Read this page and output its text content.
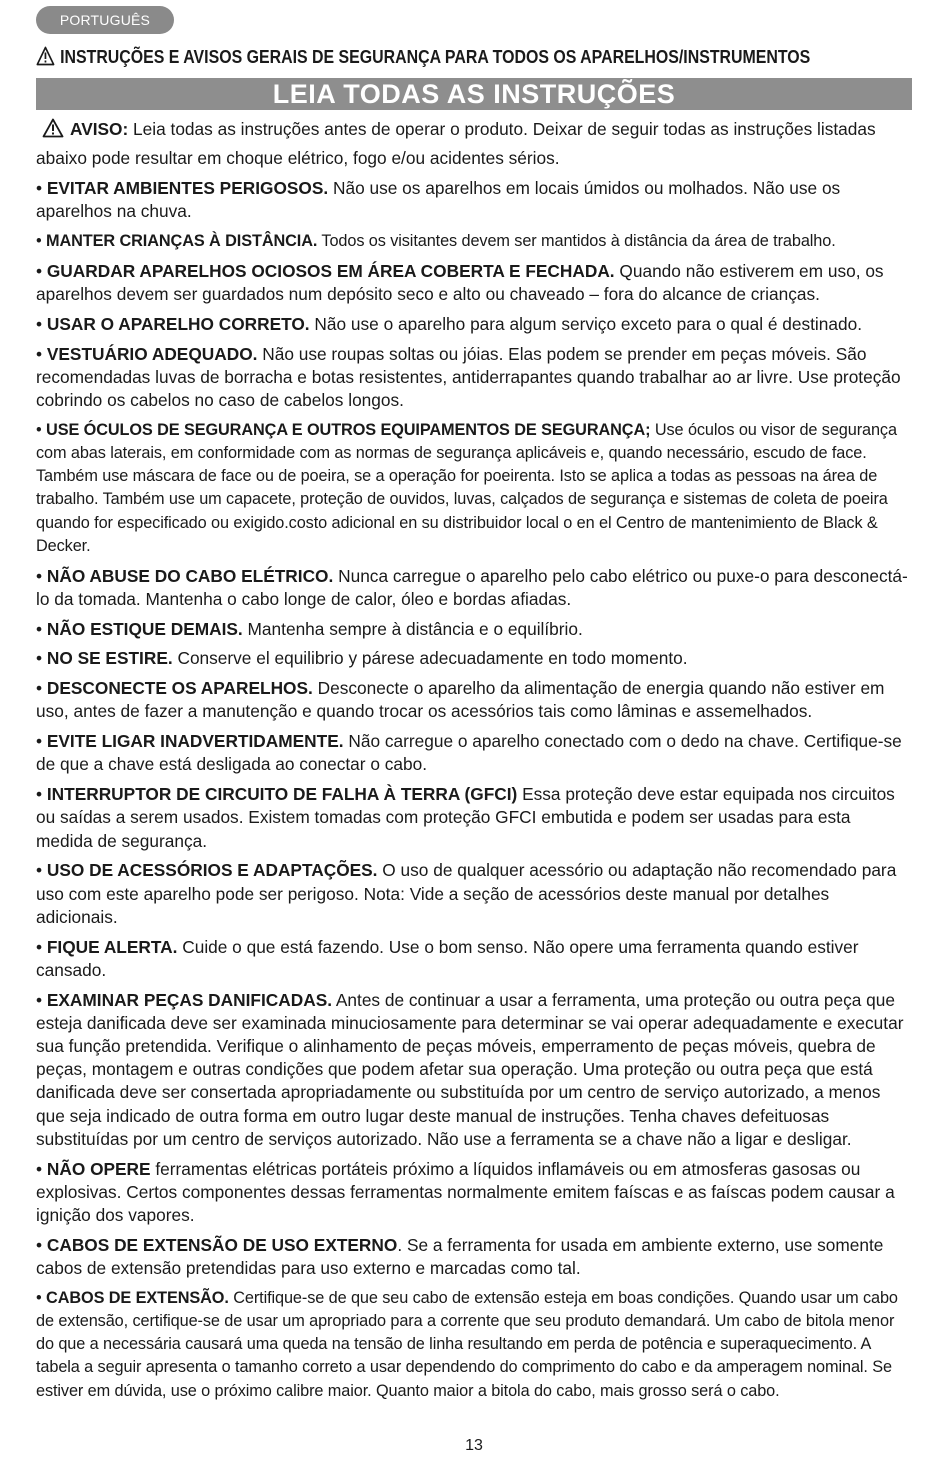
PORTUGUÊS
INSTRUÇÕES E AVISOS GERAIS DE SEGURANÇA PARA TODOS OS APARELHOS/INSTRUMENTOS
LEIA TODAS AS INSTRUÇÕES

AVISO: Leia todas as instruções antes de operar o produto. Deixar de seguir todas as instruções listadas abaixo pode resultar em choque elétrico, fogo e/ou acidentes sérios.

• EVITAR AMBIENTES PERIGOSOS. Não use os aparelhos em locais úmidos ou molhados. Não use os aparelhos na chuva.

• MANTER CRIANÇAS À DISTÂNCIA. Todos os visitantes devem ser mantidos à distância da área de trabalho.

• GUARDAR APARELHOS OCIOSOS EM ÁREA COBERTA E FECHADA. Quando não estiverem em uso, os aparelhos devem ser guardados num depósito seco e alto ou chaveado – fora do alcance de crianças.

• USAR O APARELHO CORRETO. Não use o aparelho para algum serviço exceto para o qual é destinado.

• VESTUÁRIO ADEQUADO. Não use roupas soltas ou jóias. Elas podem se prender em peças móveis. São recomendadas luvas de borracha e botas resistentes, antiderrapantes quando trabalhar ao ar livre. Use proteção cobrindo os cabelos no caso de cabelos longos.

• USE ÓCULOS DE SEGURANÇA E OUTROS EQUIPAMENTOS DE SEGURANÇA; Use óculos ou visor de segurança com abas laterais, em conformidade com as normas de segurança aplicáveis e, quando necessário, escudo de face. Também use máscara de face ou de poeira, se a operação for poeirenta. Isto se aplica a todas as pessoas na área de trabalho. Também use um capacete, proteção de ouvidos, luvas, calçados de segurança e sistemas de coleta de poeira quando for especificado ou exigido.costo adicional en su distribuidor local o en el Centro de mantenimiento de Black & Decker.

• NÃO ABUSE DO CABO ELÉTRICO. Nunca carregue o aparelho pelo cabo elétrico ou puxe-o para desconectá-lo da tomada. Mantenha o cabo longe de calor, óleo e bordas afiadas.

• NÃO ESTIQUE DEMAIS. Mantenha sempre à distância e o equilíbrio.

• NO SE ESTIRE. Conserve el equilibrio y párese adecuadamente en todo momento.

• DESCONECTE OS APARELHOS. Desconecte o aparelho da alimentação de energia quando não estiver em uso, antes de fazer a manutenção e quando trocar os acessórios tais como lâminas e assemelhados.

• EVITE LIGAR INADVERTIDAMENTE. Não carregue o aparelho conectado com o dedo na chave. Certifique-se de que a chave está desligada ao conectar o cabo.

• INTERRUPTOR DE CIRCUITO DE FALHA À TERRA (GFCI) Essa proteção deve estar equipada nos circuitos ou saídas a serem usados. Existem tomadas com proteção GFCI embutida e podem ser usadas para esta medida de segurança.

• USO DE ACESSÓRIOS E ADAPTAÇÕES. O uso de qualquer acessório ou adaptação não recomendado para uso com este aparelho pode ser perigoso. Nota: Vide a seção de acessórios deste manual por detalhes adicionais.

• FIQUE ALERTA. Cuide o que está fazendo. Use o bom senso. Não opere uma ferramenta quando estiver cansado.

• EXAMINAR PEÇAS DANIFICADAS. Antes de continuar a usar a ferramenta, uma proteção ou outra peça que esteja danificada deve ser examinada minuciosamente para determinar se vai operar adequadamente e executar sua função pretendida. Verifique o alinhamento de peças móveis, emperramento de peças móveis, quebra de peças, montagem e outras condições que podem afetar sua operação. Uma proteção ou outra peça que está danificada deve ser consertada apropriadamente ou substituída por um centro de serviço autorizado, a menos que seja indicado de outra forma em outro lugar deste manual de instruções. Tenha chaves defeituosas substituídas por um centro de serviços autorizado. Não use a ferramenta se a chave não a ligar e desligar.

• NÃO OPERE ferramentas elétricas portáteis próximo a líquidos inflamáveis ou em atmosferas gasosas ou explosivas. Certos componentes dessas ferramentas normalmente emitem faíscas e as faíscas podem causar a ignição dos vapores.

• CABOS DE EXTENSÃO DE USO EXTERNO. Se a ferramenta for usada em ambiente externo, use somente cabos de extensão pretendidas para uso externo e marcadas como tal.

• CABOS DE EXTENSÃO. Certifique-se de que seu cabo de extensão esteja em boas condições. Quando usar um cabo de extensão, certifique-se de usar um apropriado para a corrente que seu produto demandará. Um cabo de bitola menor do que a necessária causará uma queda na tensão de linha resultando em perda de potência e superaquecimento. A tabela a seguir apresenta o tamanho correto a usar dependendo do comprimento do cabo e da amperagem nominal. Se estiver em dúvida, use o próximo calibre maior. Quanto maior a bitola do cabo, mais grosso será o cabo.

13
